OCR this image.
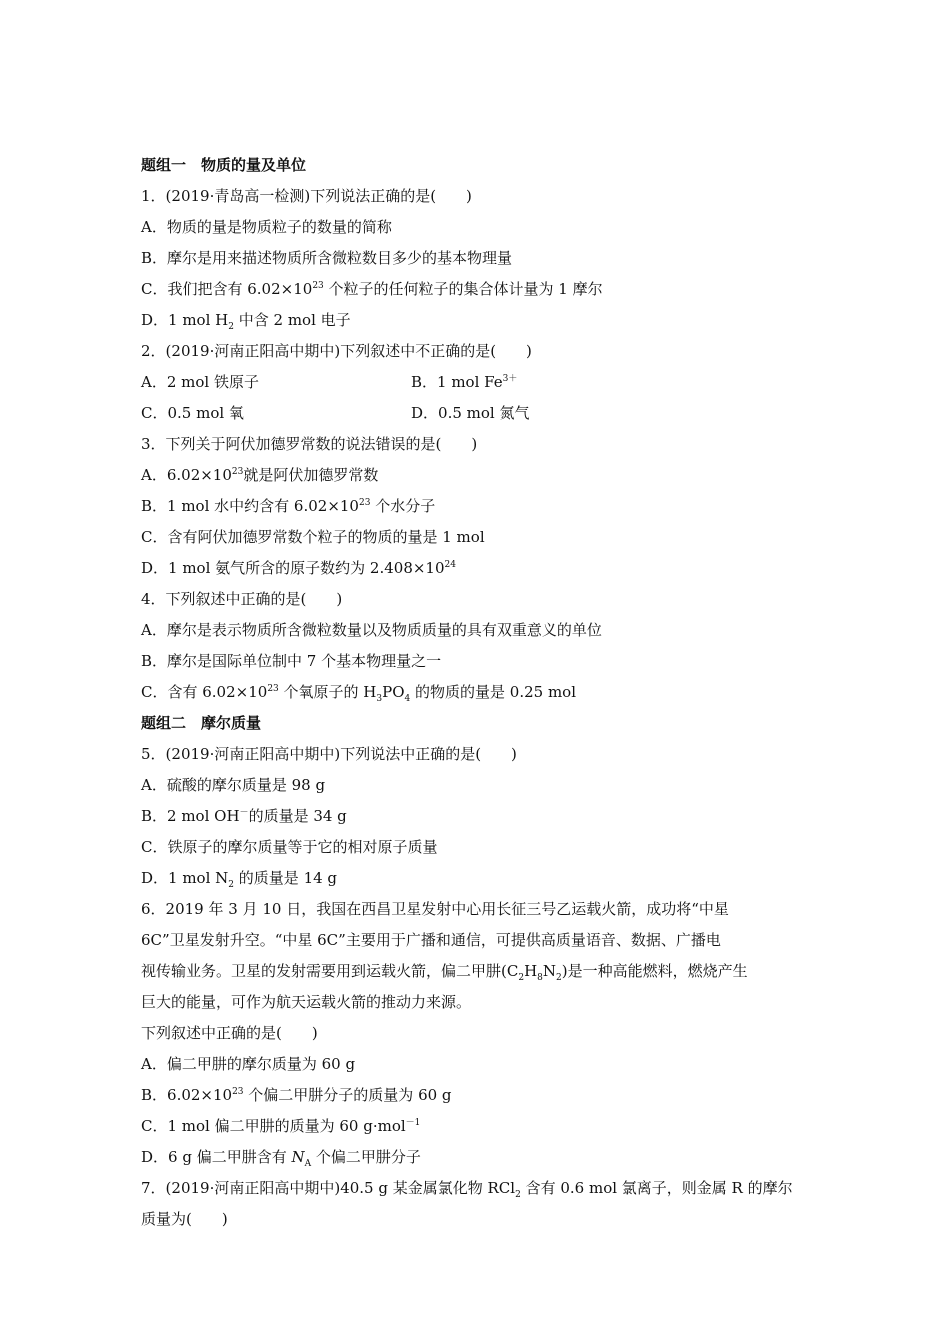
题组一　物质的量及单位
1．(2019·青岛高一检测)下列说法正确的是(　　)
A．物质的量是物质粒子的数量的简称
B．摩尔是用来描述物质所含微粒数目多少的基本物理量
C．我们把含有 $6.02\times 10^{23}$ 个粒子的任何粒子的集合体计量为 1 摩尔
D．1 mol $H_2$ 中含 2 mol 电子
2．(2019·河南正阳高中期中)下列叙述中不正确的是(　　)
A．2 mol 铁原子	B．1 mol $Fe^{3+}$
C．0.5 mol 氧	D．0.5 mol 氮气
3．下列关于阿伏加德罗常数的说法错误的是(　　)
A．$6.02\times 10^{23}$就是阿伏加德罗常数
B．1 mol 水中约含有 $6.02\times 10^{23}$ 个水分子
C．含有阿伏加德罗常数个粒子的物质的量是 1 mol
D．1 mol 氨气所含的原子数约为 $2.408\times 10^{24}$
4．下列叙述中正确的是(　　)
A．摩尔是表示物质所含微粒数量以及物质质量的具有双重意义的单位
B．摩尔是国际单位制中 7 个基本物理量之一
C．含有 $6.02\times 10^{23}$ 个氧原子的 $H_3PO_4$ 的物质的量是 0.25 mol
题组二　摩尔质量
5．(2019·河南正阳高中期中)下列说法中正确的是(　　)
A．硫酸的摩尔质量是 98 g
B．2 mol OH－的质量是 34 g
C．铁原子的摩尔质量等于它的相对原子质量
D．1 mol $N_2$ 的质量是 14 g
6．2019 年 3 月 10 日，我国在西昌卫星发射中心用长征三号乙运载火箭，成功将“中星
6C”卫星发射升空。“中星 6C”主要用于广播和通信，可提供高质量语音、数据、广播电
视传输业务。卫星的发射需要用到运载火箭，偏二甲肼$(C_2H_8N_2)$是一种高能燃料，燃烧产生
巨大的能量，可作为航天运载火箭的推动力来源。
下列叙述中正确的是(　　)
A．偏二甲肼的摩尔质量为 60 g
B．$6.02\times 10^{23}$ 个偏二甲肼分子的质量为 60 g
C．1 mol 偏二甲肼的质量为 60 g·mol$^{-1}$
D．6 g 偏二甲肼含有 $N_A$ 个偏二甲肼分子
7．(2019·河南正阳高中期中)40.5 g 某金属氯化物 RCl$_2$ 含有 0.6 mol 氯离子，则金属 R 的摩尔
质量为(　　)
